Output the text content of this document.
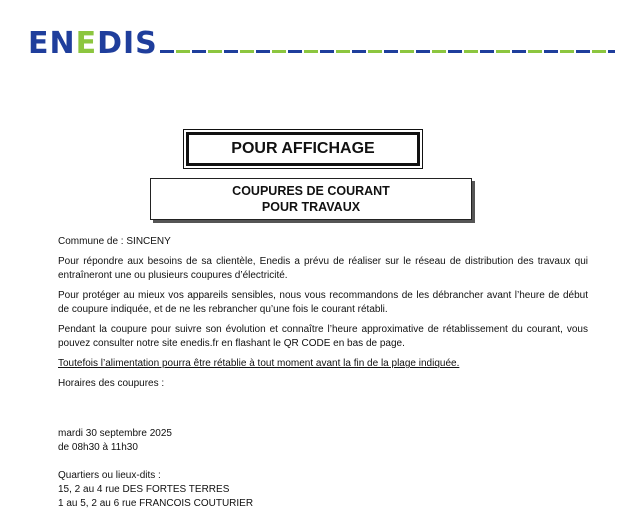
ENEDIS
POUR AFFICHAGE
COUPURES DE COURANT
POUR TRAVAUX

Commune de : SINCENY

Pour répondre aux besoins de sa clientèle, Enedis a prévu de réaliser sur le réseau de distribution des travaux qui entraîneront une ou plusieurs coupures d’électricité.

Pour protéger au mieux vos appareils sensibles, nous vous recommandons de les débrancher avant l’heure de début de coupure indiquée, et de ne les rebrancher qu’une fois le courant rétabli.

Pendant la coupure pour suivre son évolution et connaître l’heure approximative de rétablissement du courant, vous pouvez consulter notre site enedis.fr en flashant le QR CODE en bas de page.

Toutefois l’alimentation pourra être rétablie à tout moment avant la fin de la plage indiquée.

Horaires des coupures :

mardi 30 septembre 2025
de 08h30 à 11h30
Quartiers ou lieux-dits :
15, 2 au 4 rue DES FORTES TERRES
1 au 5, 2 au 6 rue FRANCOIS COUTURIER
